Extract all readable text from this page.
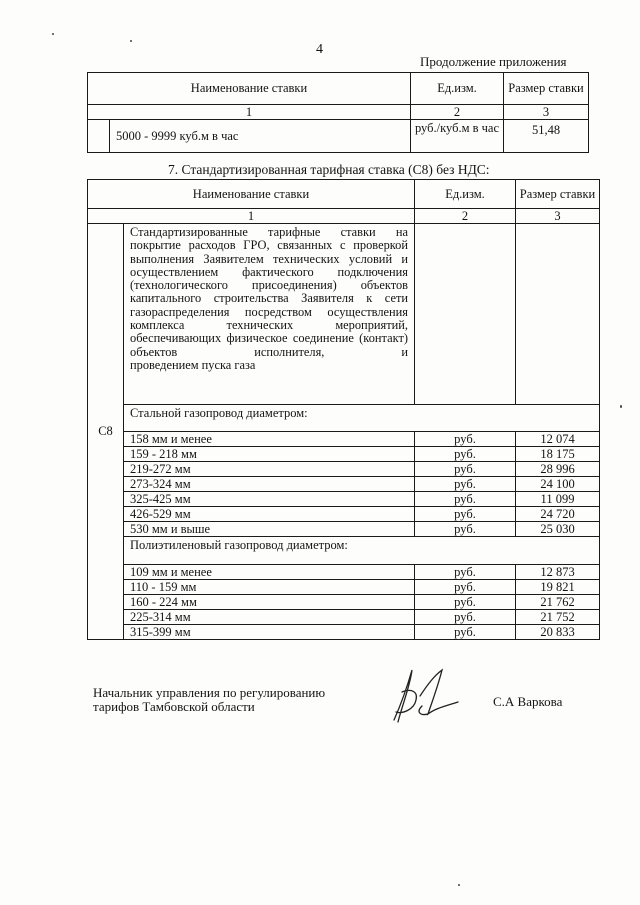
4
Продолжение приложения
Наименование ставки		Ед.изм.	Размер ставки
1		2	3
	5000 - 9999 куб.м в час	руб./куб.м в час	51,48
7. Стандартизированная тарифная ставка (С8) без НДС:
Наименование ставки		Ед.изм.	Размер ставки
1		2	3
С8	Стандартизированные тарифные ставки на покрытие расходов ГРО, связанных с проверкой выполнения Заявителем технических условий и осуществлением фактического подключения (технологического присоединения) объектов капитального строительства Заявителя к сети газораспределения посредством осуществления комплекса технических мероприятий, обеспечивающих физическое соединение (контакт) объектов исполнителя, и
проведением пуска газа		

	Стальной газопровод диаметром:		
	158 мм и менее	руб.	12 074
	159 - 218 мм	руб.	18 175
	219-272 мм	руб.	28 996
	273-324 мм	руб.	24 100
	325-425 мм	руб.	11 099
	426-529 мм	руб.	24 720
	530 мм и выше	руб.	25 030
	Полиэтиленовый газопровод диаметром:		
	109 мм и менее	руб.	12 873
	110 - 159 мм	руб.	19 821
	160 - 224 мм	руб.	21 762
	225-314 мм	руб.	21 752
	315-399 мм	руб.	20 833
Начальник управления по регулированию
тарифов Тамбовской области	С.А Варкова
